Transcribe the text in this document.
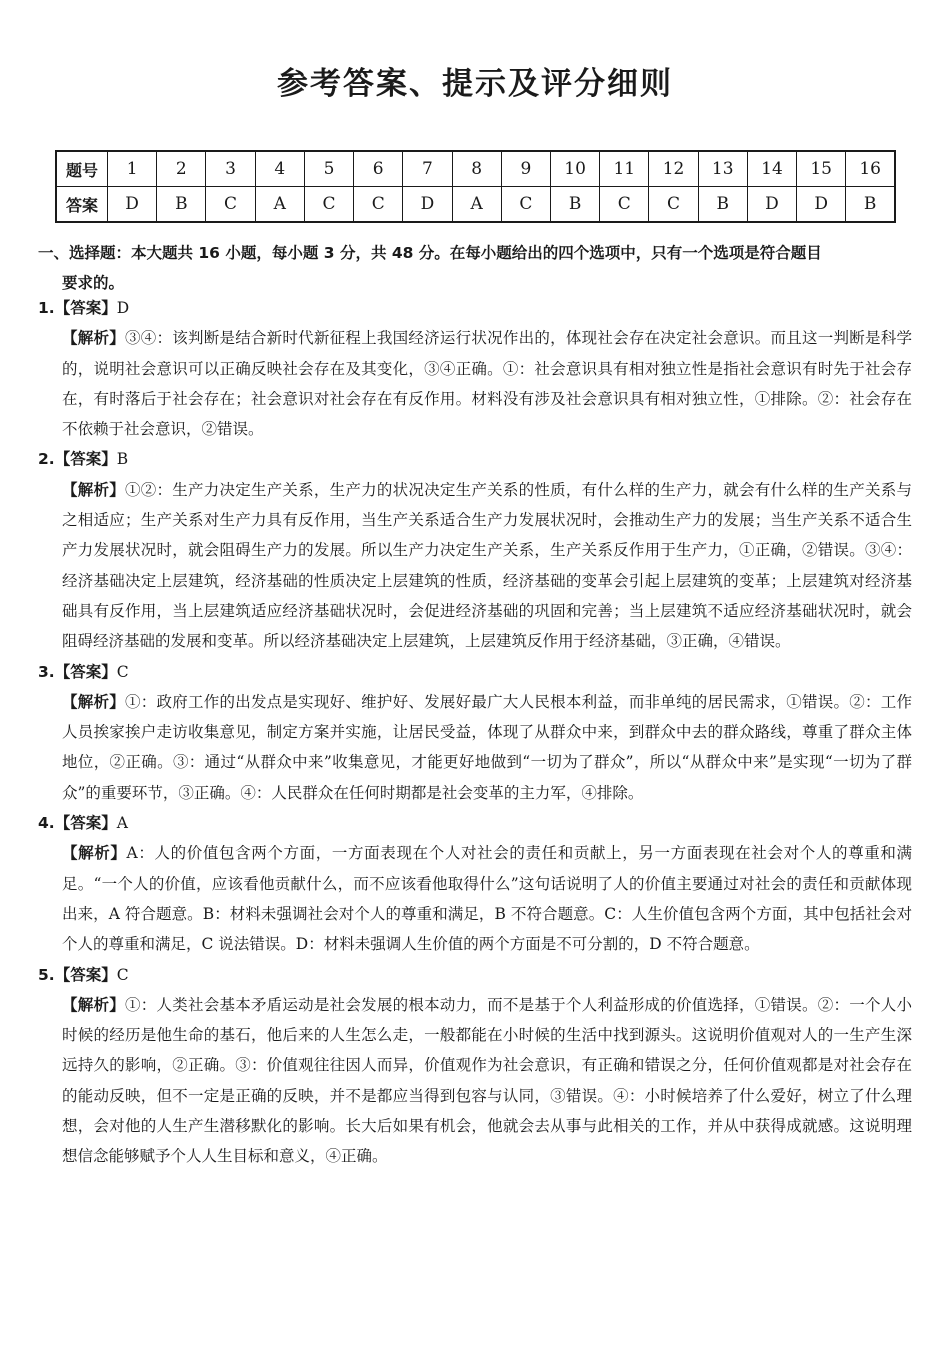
参考答案、提示及评分细则
题号	1	2	3	4	5	6	7	8	9	10	11	12	13	14	15	16
答案	D	B	C	A	C	C	D	A	C	B	C	C	B	D	D	B
一、选择题：本大题共 16 小题，每小题 3 分，共 48 分。在每小题给出的四个选项中，只有一个选项是符合题目
要求的。
1.【答案】D
【解析】③④：该判断是结合新时代新征程上我国经济运行状况作出的，体现社会存在决定社会意识。而且这一判断是科学的，说明社会意识可以正确反映社会存在及其变化，③④正确。①：社会意识具有相对独立性是指社会意识有时先于社会存在，有时落后于社会存在；社会意识对社会存在有反作用。材料没有涉及社会意识具有相对独立性，①排除。②：社会存在不依赖于社会意识，②错误。
2.【答案】B
【解析】①②：生产力决定生产关系，生产力的状况决定生产关系的性质，有什么样的生产力，就会有什么样的生产关系与之相适应；生产关系对生产力具有反作用，当生产关系适合生产力发展状况时，会推动生产力的发展；当生产关系不适合生产力发展状况时，就会阻碍生产力的发展。所以生产力决定生产关系，生产关系反作用于生产力，①正确，②错误。③④：经济基础决定上层建筑，经济基础的性质决定上层建筑的性质，经济基础的变革会引起上层建筑的变革；上层建筑对经济基础具有反作用，当上层建筑适应经济基础状况时，会促进经济基础的巩固和完善；当上层建筑不适应经济基础状况时，就会阻碍经济基础的发展和变革。所以经济基础决定上层建筑，上层建筑反作用于经济基础，③正确，④错误。
3.【答案】C
【解析】①：政府工作的出发点是实现好、维护好、发展好最广大人民根本利益，而非单纯的居民需求，①错误。②：工作人员挨家挨户走访收集意见，制定方案并实施，让居民受益，体现了从群众中来，到群众中去的群众路线，尊重了群众主体地位，②正确。③：通过“从群众中来”收集意见，才能更好地做到“一切为了群众”，所以“从群众中来”是实现“一切为了群众”的重要环节，③正确。④：人民群众在任何时期都是社会变革的主力军，④排除。
4.【答案】A
【解析】A：人的价值包含两个方面，一方面表现在个人对社会的责任和贡献上，另一方面表现在社会对个人的尊重和满足。“一个人的价值，应该看他贡献什么，而不应该看他取得什么”这句话说明了人的价值主要通过对社会的责任和贡献体现出来，A 符合题意。B：材料未强调社会对个人的尊重和满足，B 不符合题意。C：人生价值包含两个方面，其中包括社会对个人的尊重和满足，C 说法错误。D：材料未强调人生价值的两个方面是不可分割的，D 不符合题意。
5.【答案】C
【解析】①：人类社会基本矛盾运动是社会发展的根本动力，而不是基于个人利益形成的价值选择，①错误。②：一个人小时候的经历是他生命的基石，他后来的人生怎么走，一般都能在小时候的生活中找到源头。这说明价值观对人的一生产生深远持久的影响，②正确。③：价值观往往因人而异，价值观作为社会意识，有正确和错误之分，任何价值观都是对社会存在的能动反映，但不一定是正确的反映，并不是都应当得到包容与认同，③错误。④：小时候培养了什么爱好，树立了什么理想，会对他的人生产生潜移默化的影响。长大后如果有机会，他就会去从事与此相关的工作，并从中获得成就感。这说明理想信念能够赋予个人人生目标和意义，④正确。
